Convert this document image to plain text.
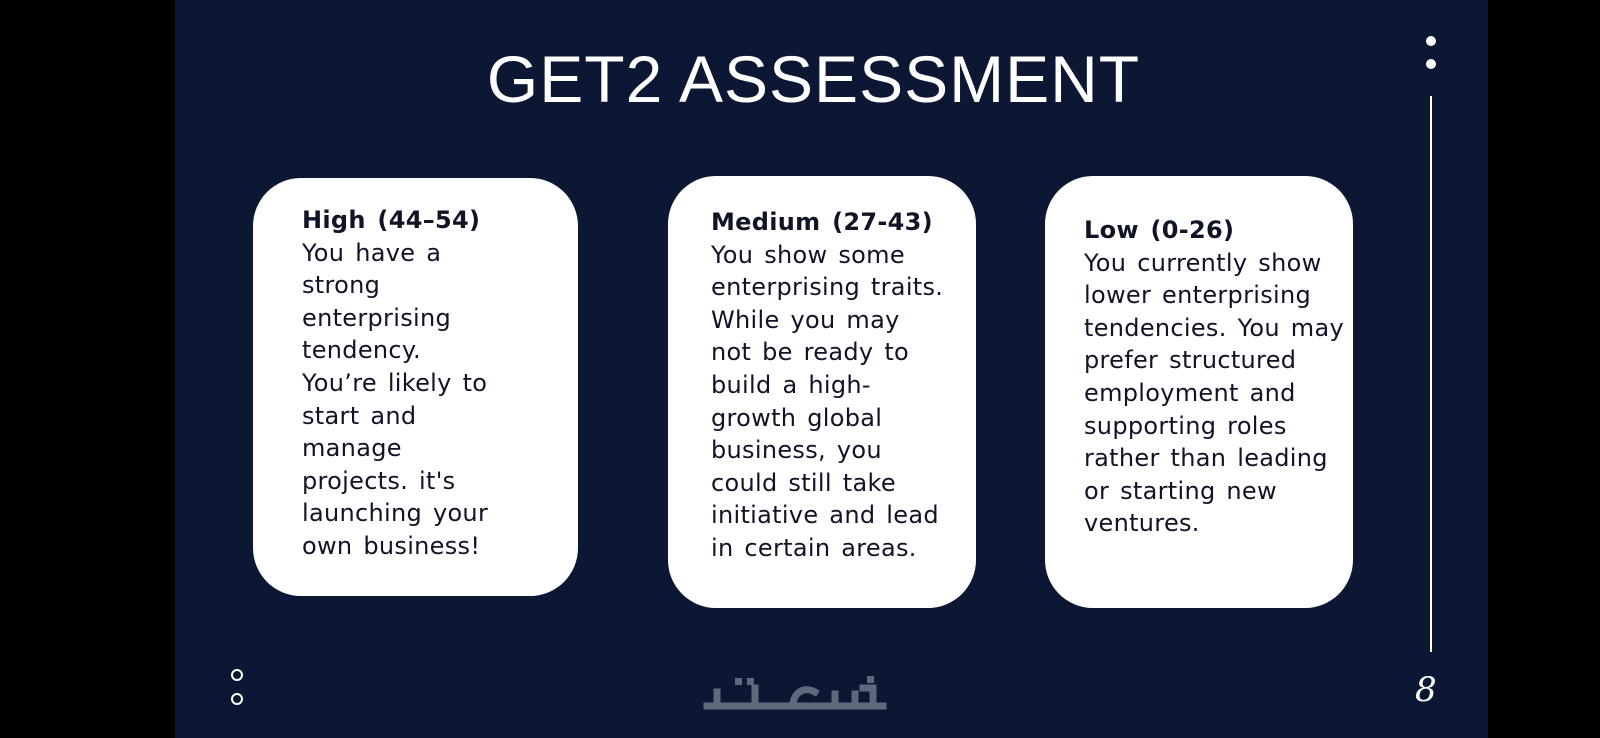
GET2 ASSESSMENT
High (44–54)
You have a
strong
enterprising
tendency.
You’re likely to
start and
manage
projects. it's
launching your
own business!
Medium (27-43)
You show some
enterprising traits.
While you may
not be ready to
build a high-
growth global
business, you
could still take
initiative and lead
in certain areas.
Low (0-26)
You currently show
lower enterprising
tendencies. You may
prefer structured
employment and
supporting roles
rather than leading
or starting new
ventures.
8
